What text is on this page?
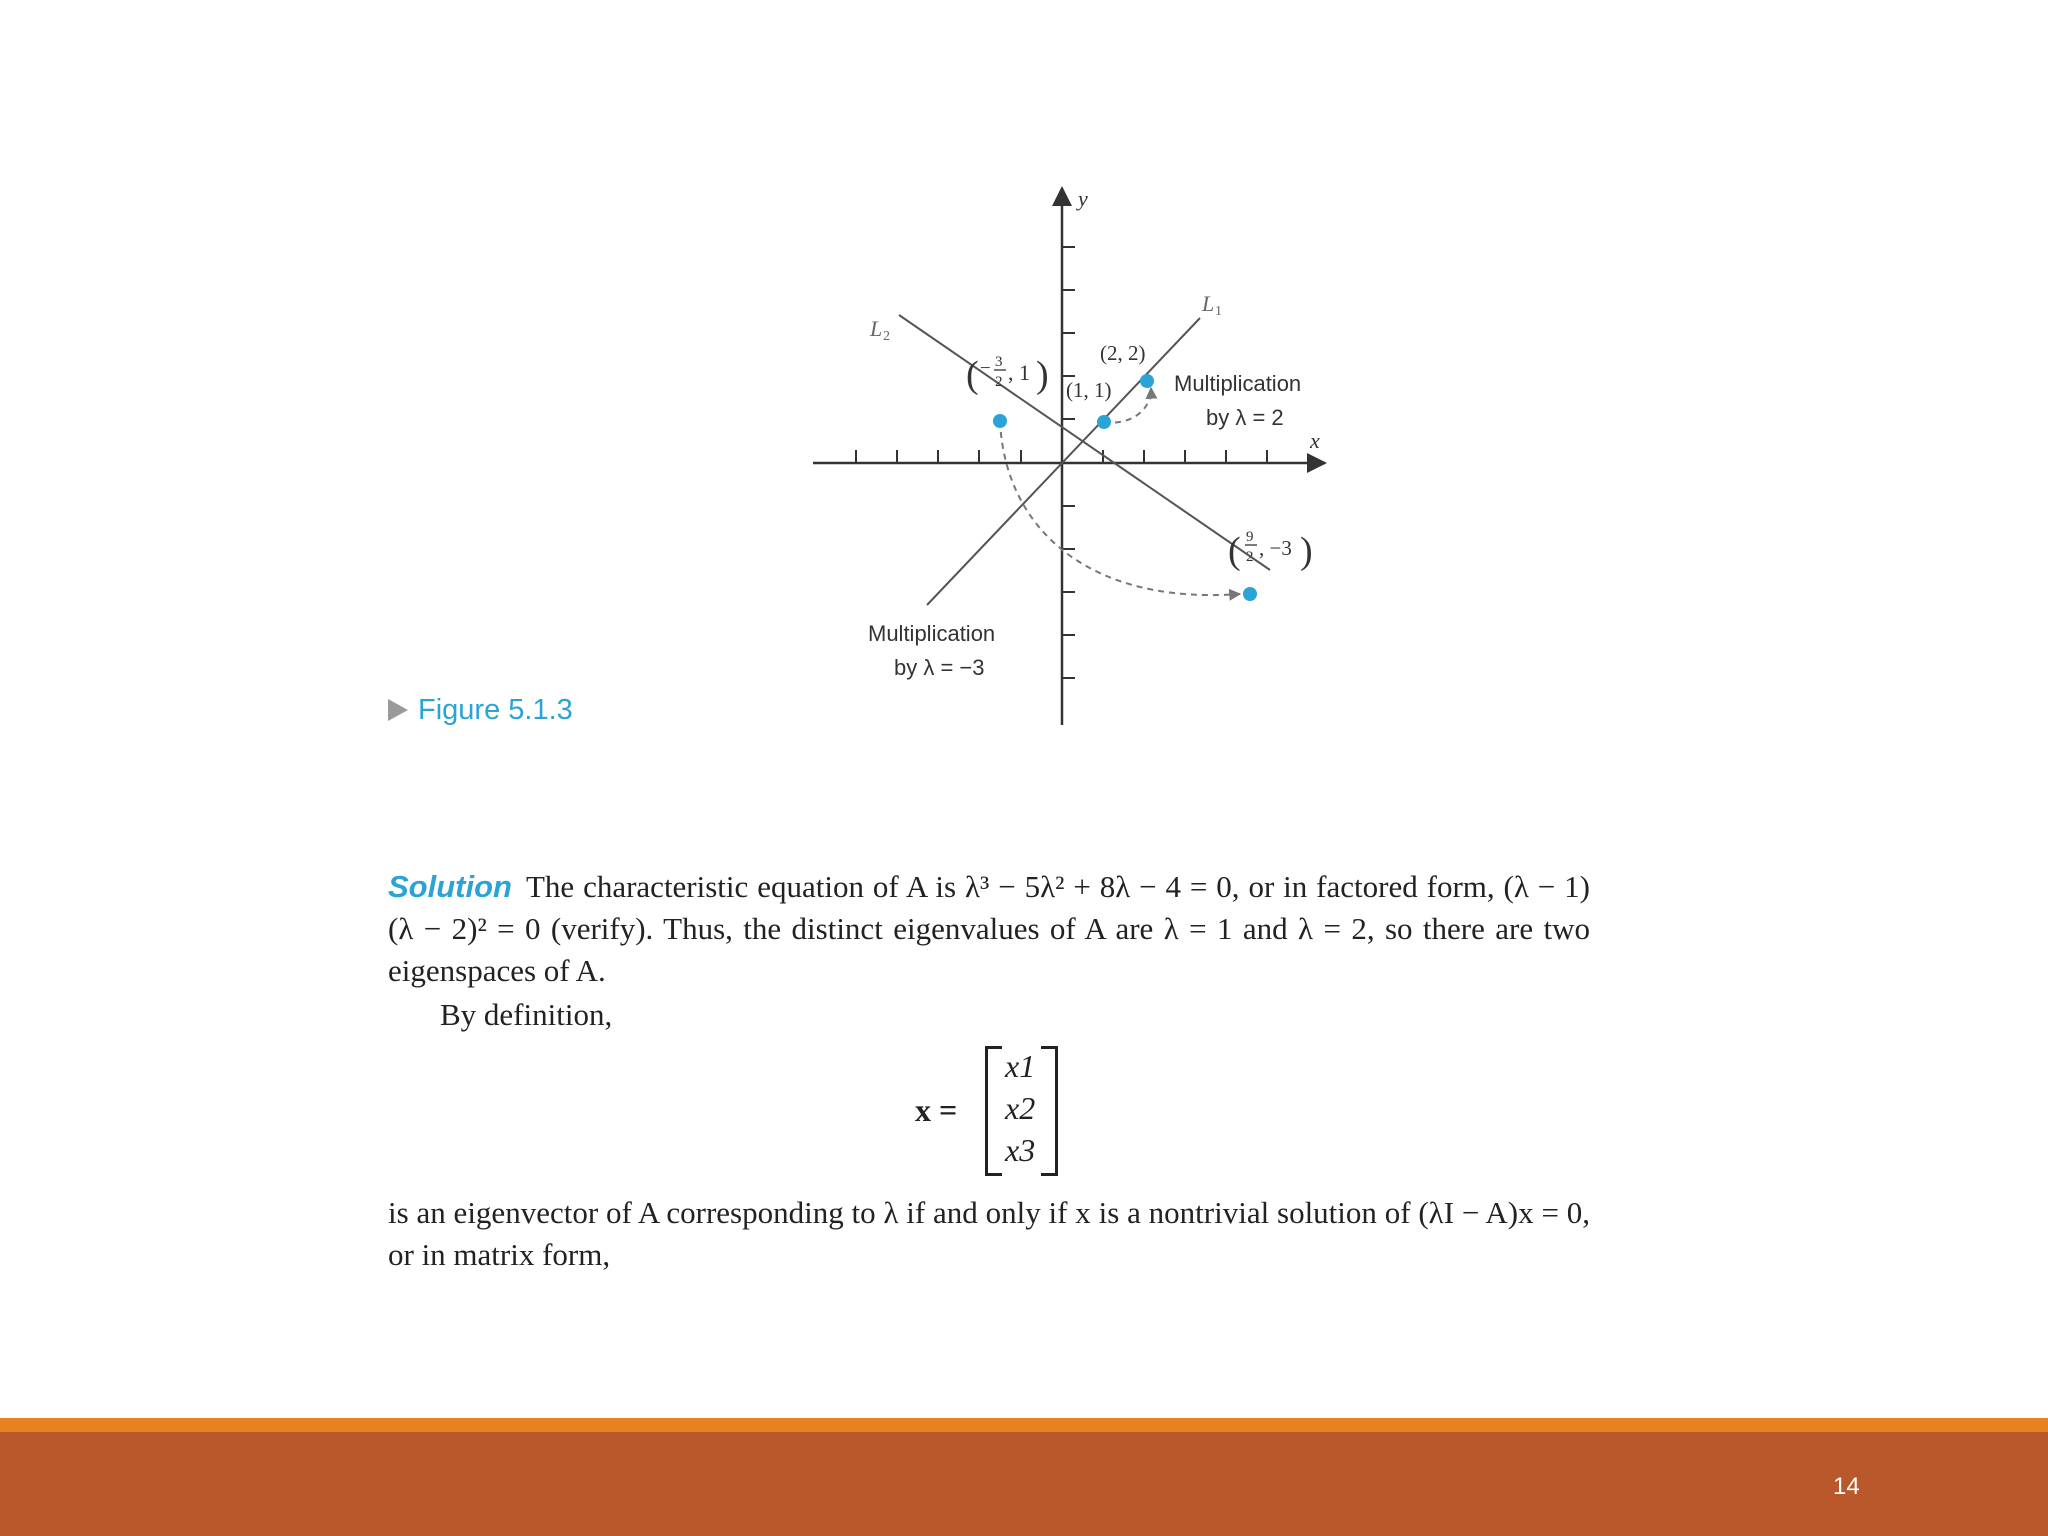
y
x
L 1
L 2
( − 3
2 , 1 ) (1, 1)
(2, 2)
( 9
2 , −3 )
Multiplication
by λ = 2
Multiplication
by λ = −3
Figure 5.1.3
Solution The characteristic equation of A is λ³ − 5λ² + 8λ − 4 = 0, or in factored form, (λ − 1)(λ − 2)² = 0 (verify). Thus, the distinct eigenvalues of A are λ = 1 and λ = 2, so there are two eigenspaces of A.
By definition,
x =
x1
x2
x3
is an eigenvector of A corresponding to λ if and only if x is a nontrivial solution of (λI − A)x = 0, or in matrix form,
14
